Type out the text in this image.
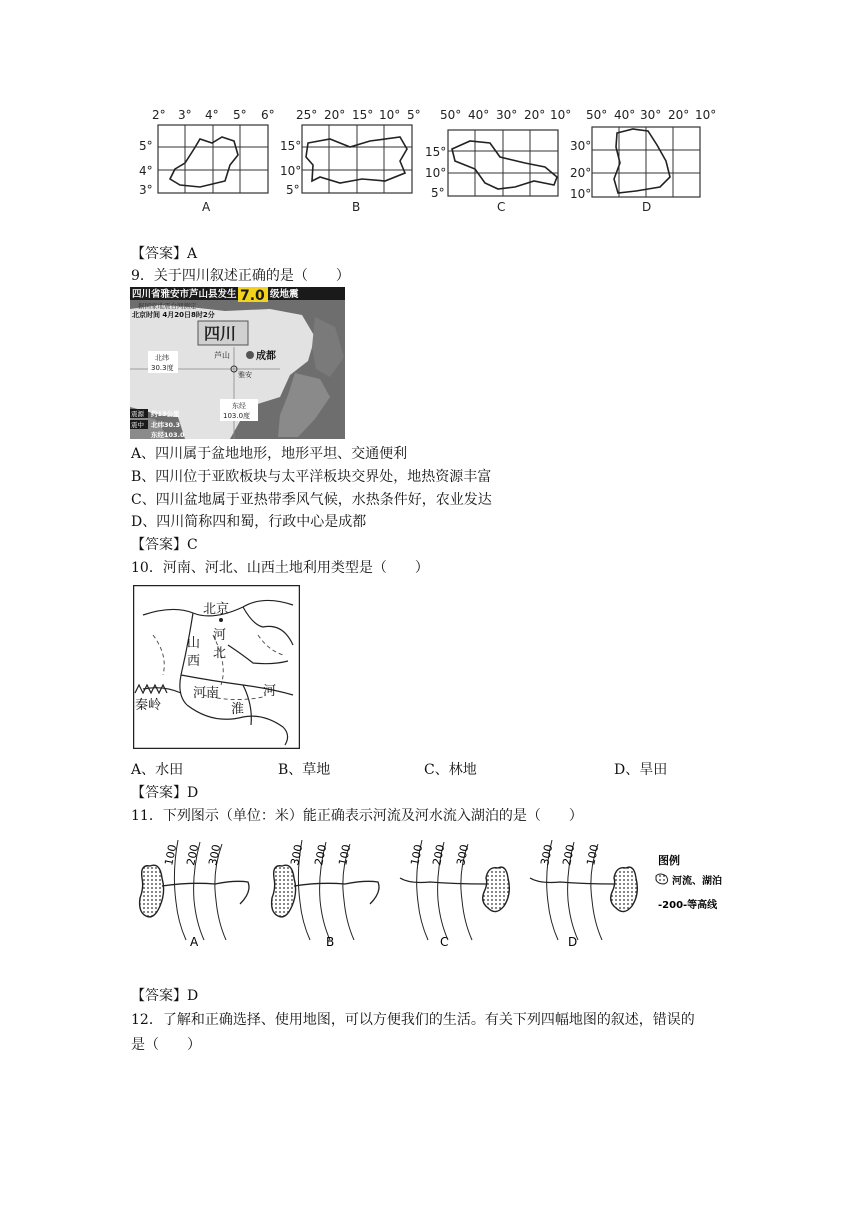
2° 3° 4° 5° 6°
5°
4°
3°
A
25° 20° 15° 10° 5°
15°
10°
5°
B
50° 40° 30° 20° 10°
15°
10°
5°
C
50° 40° 30° 20° 10°
30°
20°
10°
D
【答案】A
9．关于四川叙述正确的是（　　）
四川省雅安市芦山县发生 7.0 级地震
据国家地震台网测定
北京时间 4月20日8时2分
四川
北纬
30.3度
芦山	成都
雅安
东经
103.0度
震源 约13公里
震中 北纬30.3
东经103.0
A、四川属于盆地地形，地形平坦、交通便利
B、四川位于亚欧板块与太平洋板块交界处，地热资源丰富
C、四川盆地属于亚热带季风气候，水热条件好，农业发达
D、四川简称四和蜀，行政中心是成都
【答案】C
10．河南、河北、山西土地利用类型是（　　）
北京
河
北
山
西
河南
秦岭	淮
河
A、水田	B、草地	C、林地	D、旱田
【答案】D
11．下列图示（单位：米）能正确表示河流及河水流入湖泊的是（　　）
100 200 300
A
300 200 100
B
100 200 300
C
300 200 100
D
图例
河流、湖泊
-200-等高线
【答案】D
12．了解和正确选择、使用地图，可以方便我们的生活。有关下列四幅地图的叙述，错误的
是（　　）
